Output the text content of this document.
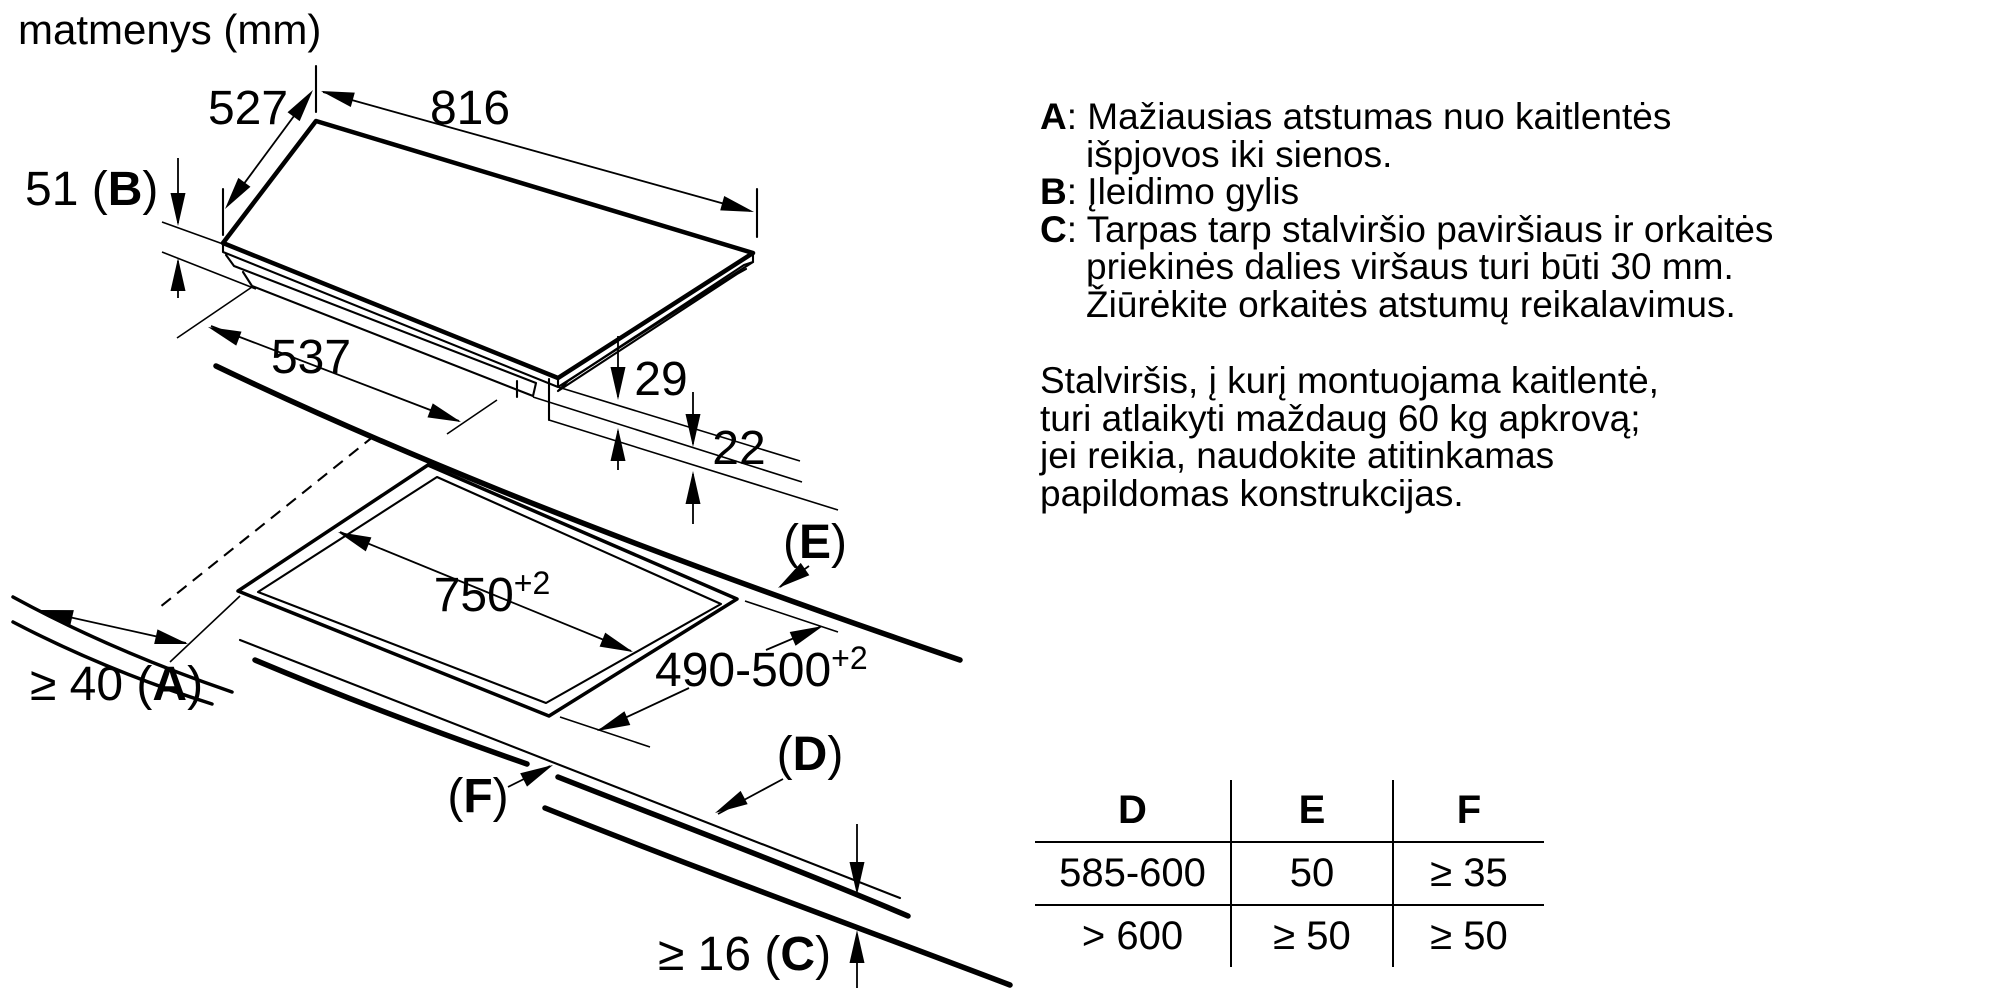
matmenys (mm)
527	816
51 (B)
537	29
22
$750^{+2}$
$490-500^{+2}$
≥ 40 (A)
(E)
(D)
(F)
≥ 16 (C)
A: Mažiausias atstumas nuo kaitlentės
išpjovos iki sienos.
B: Įleidimo gylis
C: Tarpas tarp stalviršio paviršiaus ir orkaitės
priekinės dalies viršaus turi būti 30 mm.
Žiūrėkite orkaitės atstumų reikalavimus.
Stalviršis, į kurį montuojama kaitlentė,
turi atlaikyti maždaug 60 kg apkrovą;
jei reikia, naudokite atitinkamas
papildomas konstrukcijas.
D	E	F
585-600	50	≥ 35
> 600	≥ 50	≥ 50
